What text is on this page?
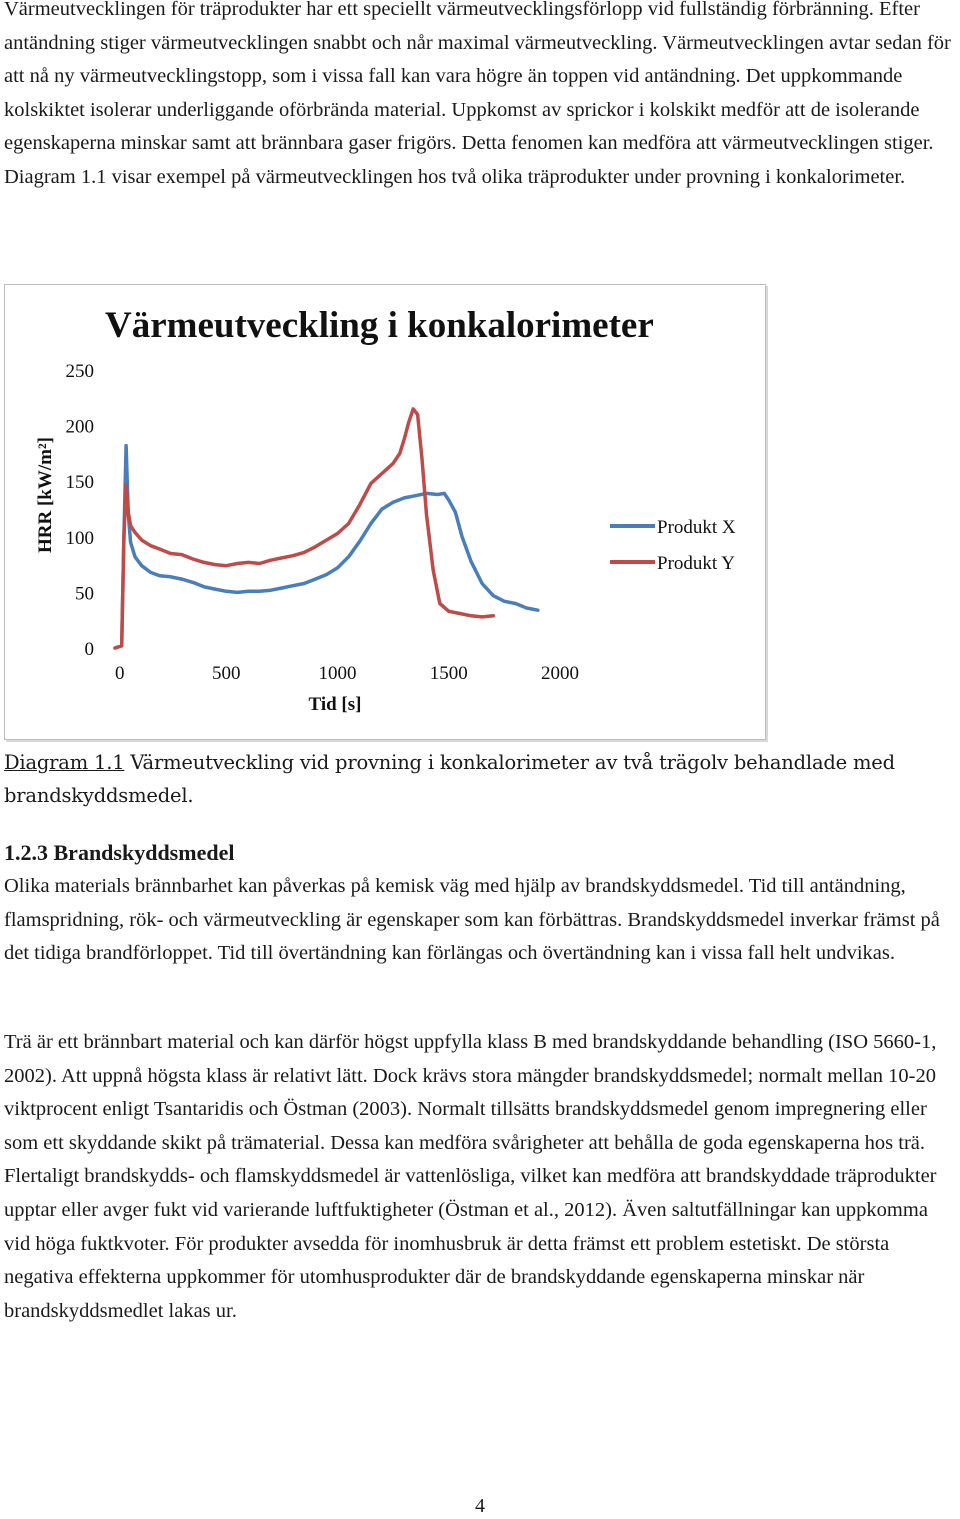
Värmeutvecklingen för träprodukter har ett speciellt värmeutvecklingsförlopp vid fullständig förbränning. Efter antändning stiger värmeutvecklingen snabbt och når maximal värmeutveckling. Värmeutvecklingen avtar sedan för att nå ny värmeutvecklingstopp, som i vissa fall kan vara högre än toppen vid antändning. Det uppkommande kolskiktet isolerar underliggande oförbrända material. Uppkomst av sprickor i kolskikt medför att de isolerande egenskaperna minskar samt att brännbara gaser frigörs. Detta fenomen kan medföra att värmeutvecklingen stiger. Diagram 1.1 visar exempel på värmeutvecklingen hos två olika träprodukter under provning i konkalorimeter.

Värmeutveckling i konkalorimeter
0
50
100
150
200
250
0	500	1000	1500	2000
HRR [kW/m²]
Tid [s]
Produkt X
Produkt Y

Diagram 1.1 Värmeutveckling vid provning i konkalorimeter av två trägolv behandlade med brandskyddsmedel.

1.2.3 Brandskyddsmedel

Olika materials brännbarhet kan påverkas på kemisk väg med hjälp av brandskyddsmedel. Tid till antändning, flamspridning, rök- och värmeutveckling är egenskaper som kan förbättras. Brandskyddsmedel inverkar främst på det tidiga brandförloppet. Tid till övertändning kan förlängas och övertändning kan i vissa fall helt undvikas.

Trä är ett brännbart material och kan därför högst uppfylla klass B med brandskyddande behandling (ISO 5660-1, 2002). Att uppnå högsta klass är relativt lätt. Dock krävs stora mängder brandskyddsmedel; normalt mellan 10-20 viktprocent enligt Tsantaridis och Östman (2003). Normalt tillsätts brandskyddsmedel genom impregnering eller som ett skyddande skikt på trämaterial. Dessa kan medföra svårigheter att behålla de goda egenskaperna hos trä. Flertaligt brandskydds- och flamskyddsmedel är vattenlösliga, vilket kan medföra att brandskyddade träprodukter upptar eller avger fukt vid varierande luftfuktigheter (Östman et al., 2012). Även saltutfällningar kan uppkomma vid höga fuktkvoter. För produkter avsedda för inomhusbruk är detta främst ett problem estetiskt. De största negativa effekterna uppkommer för utomhusprodukter där de brandskyddande egenskaperna minskar när brandskyddsmedlet lakas ur.

4
